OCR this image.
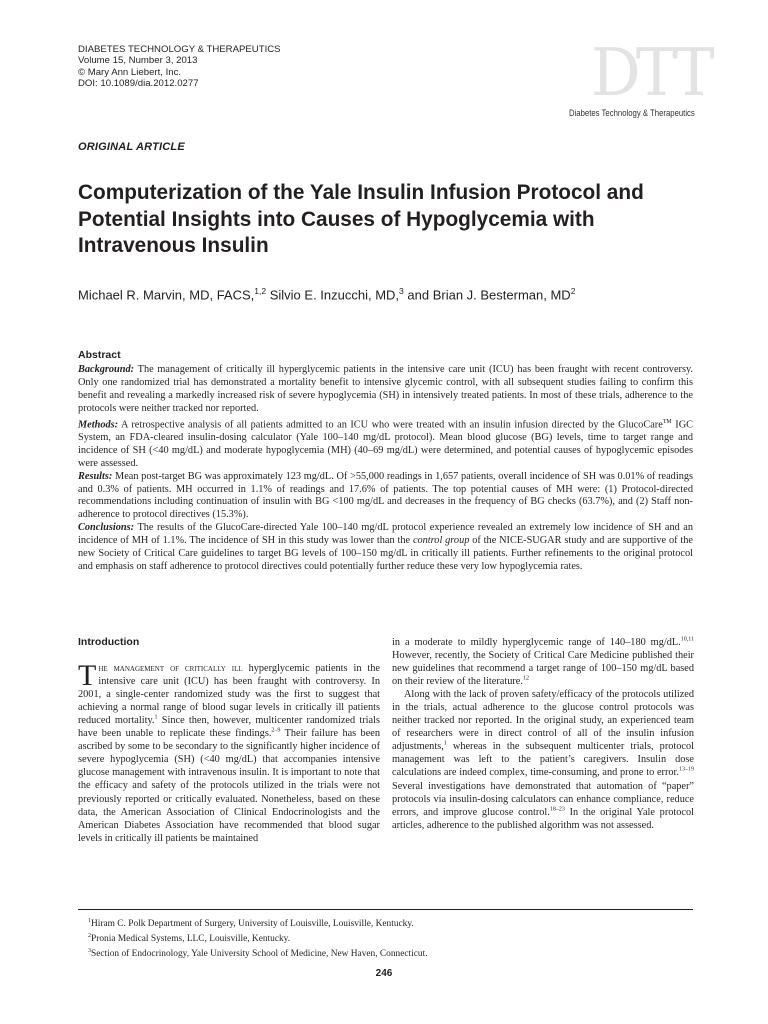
DIABETES TECHNOLOGY & THERAPEUTICS
Volume 15, Number 3, 2013
© Mary Ann Liebert, Inc.
DOI: 10.1089/dia.2012.0277	DTT
Diabetes Technology & Therapeutics
ORIGINAL ARTICLE
Computerization of the Yale Insulin Infusion Protocol and Potential Insights into Causes of Hypoglycemia with Intravenous Insulin
Michael R. Marvin, MD, FACS,$^{1,2}$ Silvio E. Inzucchi, MD,$^3$ and Brian J. Besterman, $MD^2$
Abstract

Background: The management of critically ill hyperglycemic patients in the intensive care unit (ICU) has been fraught with recent controversy. Only one randomized trial has demonstrated a mortality benefit to intensive glycemic control, with all subsequent studies failing to confirm this benefit and revealing a markedly increased risk of severe hypoglycemia (SH) in intensively treated patients. In most of these trials, adherence to the protocols were neither tracked nor reported.

Methods: A retrospective analysis of all patients admitted to an ICU who were treated with an insulin infusion directed by the GlucoCare™ IGC System, an FDA-cleared insulin-dosing calculator (Yale 100–140 mg/dL protocol). Mean blood glucose (BG) levels, time to target range and incidence of SH (<40 mg/dL) and moderate hypoglycemia (MH) (40–69 mg/dL) were determined, and potential causes of hypoglycemic episodes were assessed.

Results: Mean post-target BG was approximately 123 mg/dL. Of >55,000 readings in 1,657 patients, overall incidence of SH was 0.01% of readings and 0.3% of patients. MH occurred in 1.1% of readings and 17.6% of patients. The top potential causes of MH were: (1) Protocol-directed recommendations including continuation of insulin with BG <100 mg/dL and decreases in the frequency of BG checks (63.7%), and (2) Staff non-adherence to protocol directives (15.3%).

Conclusions: The results of the GlucoCare-directed Yale 100–140 mg/dL protocol experience revealed an extremely low incidence of SH and an incidence of MH of 1.1%. The incidence of SH in this study was lower than the control group of the NICE-SUGAR study and are supportive of the new Society of Critical Care guidelines to target BG levels of 100–150 mg/dL in critically ill patients. Further refinements to the original protocol and emphasis on staff adherence to protocol directives could potentially further reduce these very low hypoglycemia rates.

Introduction

The management of critically ill hyperglycemic patients in the intensive care unit (ICU) has been fraught with controversy. In 2001, a single-center randomized study was the first to suggest that achieving a normal range of blood sugar levels in critically ill patients reduced mortality.$^1$ Since then, however, multicenter randomized trials have been unable to replicate these findings.$^{2-9}$ Their failure has been ascribed by some to be secondary to the significantly higher incidence of severe hypoglycemia (SH) (<40 mg/dL) that accompanies intensive glucose management with intravenous insulin. It is important to note that the efficacy and safety of the protocols utilized in the trials were not previously reported or critically evaluated. Nonetheless, based on these data, the American Association of Clinical Endocrinologists and the American Diabetes Association have recommended that blood sugar levels in critically ill patients be maintained

in a moderate to mildly hyperglycemic range of 140–180 mg/dL.$^{10,11}$ However, recently, the Society of Critical Care Medicine published their new guidelines that recommend a target range of 100–150 mg/dL based on their review of the literature.$^{12}$

Along with the lack of proven safety/efficacy of the protocols utilized in the trials, actual adherence to the glucose control protocols was neither tracked nor reported. In the original study, an experienced team of researchers were in direct control of all of the insulin infusion adjustments,$^1$ whereas in the subsequent multicenter trials, protocol management was left to the patient’s caregivers. Insulin dose calculations are indeed complex, time-consuming, and prone to error.$^{13-19}$ Several investigations have demonstrated that automation of “paper” protocols via insulin-dosing calculators can enhance compliance, reduce errors, and improve glucose control.$^{18-23}$ In the original Yale protocol articles, adherence to the published algorithm was not assessed.

$^1$Hiram C. Polk Department of Surgery, University of Louisville, Louisville, Kentucky.
$^2$Pronia Medical Systems, LLC, Louisville, Kentucky.
$^3$Section of Endocrinology, Yale University School of Medicine, New Haven, Connecticut.
246
